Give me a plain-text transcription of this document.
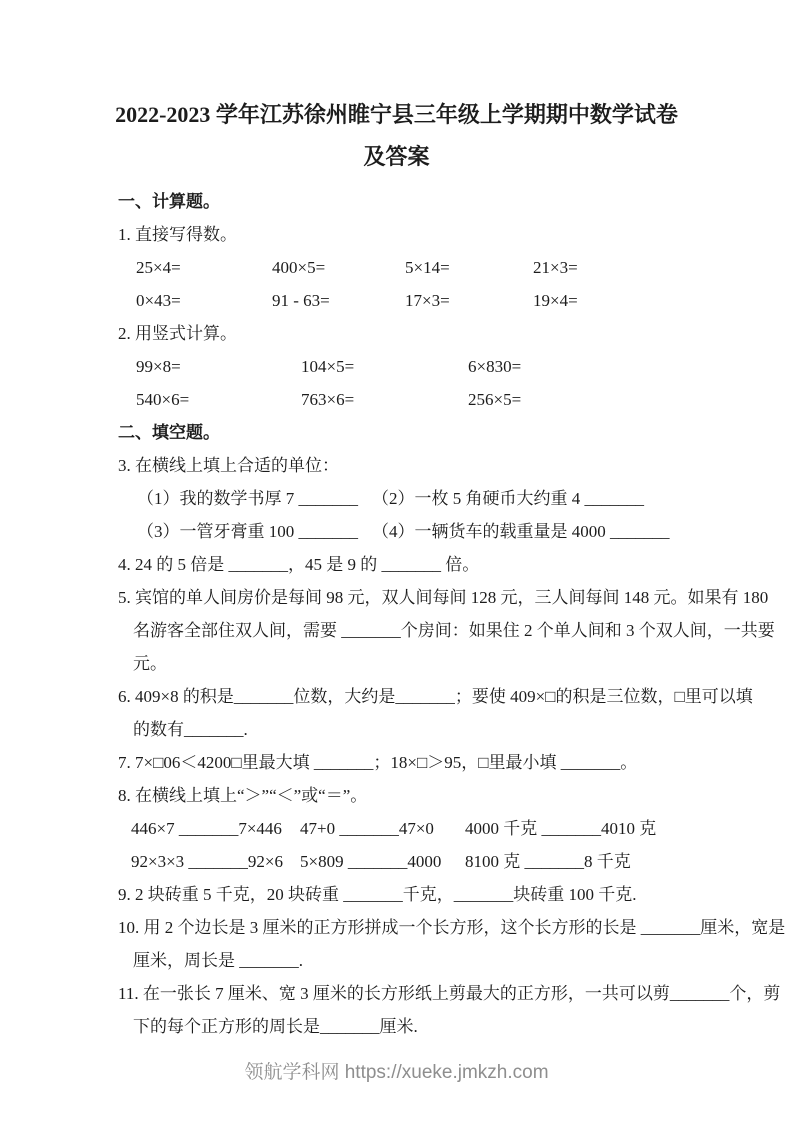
2022-2023 学年江苏徐州睢宁县三年级上学期期中数学试卷
及答案
一、计算题。
1. 直接写得数。
25×4=	400×5=	5×14=	21×3=
0×43=	91 - 63=	17×3=	19×4=
2. 用竖式计算。
99×8=	104×5=	6×830=
540×6=	763×6=	256×5=
二、填空题。
3. 在横线上填上合适的单位：
（1）我的数学书厚 7 _______ （2）一枚 5 角硬币大约重 4 _______
（3）一管牙膏重 100 _______ （4）一辆货车的载重量是 4000 _______
4. 24 的 5 倍是 _______，45 是 9 的 _______ 倍。
5. 宾馆的单人间房价是每间 98 元，双人间每间 128 元，三人间每间 148 元。如果有 180
名游客全部住双人间，需要 _______个房间：如果住 2 个单人间和 3 个双人间，一共要
元。
6. 409×8 的积是_______位数，大约是_______；要使 409×□的积是三位数，□里可以填
的数有_______.
7. 7×□06＜4200□里最大填 _______；18×□＞95，□里最小填 _______。
8. 在横线上填上“＞”“＜”或“＝”。
446×7 _______7×446	47+0 _______47×0	4000 千克 _______4010 克
92×3×3 _______92×6 5×809 _______4000	8100 克 _______8 千克
9. 2 块砖重 5 千克，20 块砖重 _______千克，_______块砖重 100 千克.
10. 用 2 个边长是 3 厘米的正方形拼成一个长方形，这个长方形的长是 _______厘米，宽是
厘米，周长是 _______.
11. 在一张长 7 厘米、宽 3 厘米的长方形纸上剪最大的正方形，一共可以剪_______个，剪
下的每个正方形的周长是_______厘米.
领航学科网 https://xueke.jmkzh.com
